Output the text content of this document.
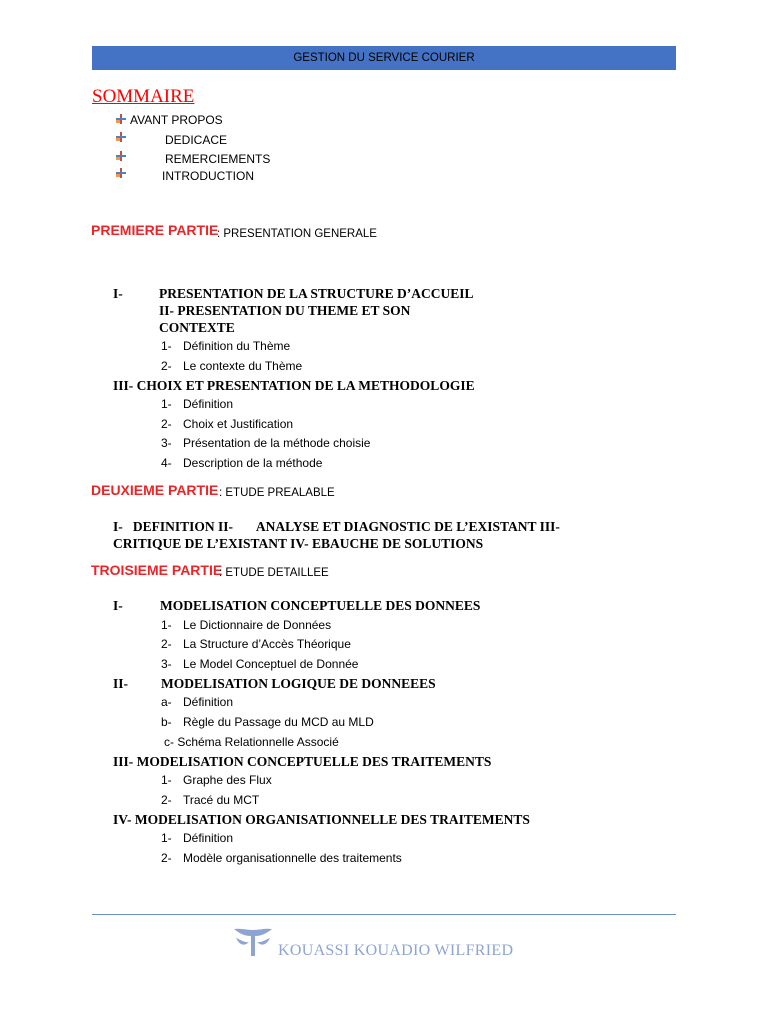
GESTION DU SERVICE COURIER
SOMMAIRE
AVANT PROPOS
DEDICACE
REMERCIEMENTS
INTRODUCTION
PREMIERE PARTIE
: PRESENTATION GENERALE
I-	PRESENTATION DE LA STRUCTURE D’ACCUEIL
II- PRESENTATION DU THEME ET SON
CONTEXTE
1- Définition du Thème
2- Le contexte du Thème
III- CHOIX ET PRESENTATION DE LA METHODOLOGIE
1- Définition
2- Choix et Justification
3- Présentation de la méthode choisie
4- Description de la méthode
DEUXIEME PARTIE : ETUDE PREALABLE
I-   DEFINITION II-       ANALYSE ET DIAGNOSTIC DE L’EXISTANT III-
CRITIQUE DE L’EXISTANT IV- EBAUCHE DE SOLUTIONS
TROISIEME PARTIE
: ETUDE DETAILLEE
I-	MODELISATION CONCEPTUELLE DES DONNEES
1- Le Dictionnaire de Données
2- La Structure d’Accès Théorique
3- Le Model Conceptuel de Donnée
II- MODELISATION LOGIQUE DE DONNEEES
a- Définition
b- Règle du Passage du MCD au MLD
c- Schéma Relationnelle Associé
III- MODELISATION CONCEPTUELLE DES TRAITEMENTS
1- Graphe des Flux
2- Tracé du MCT
IV- MODELISATION ORGANISATIONNELLE DES TRAITEMENTS
1- Définition
2- Modèle organisationnelle des traitements
KOUASSI KOUADIO WILFRIED
